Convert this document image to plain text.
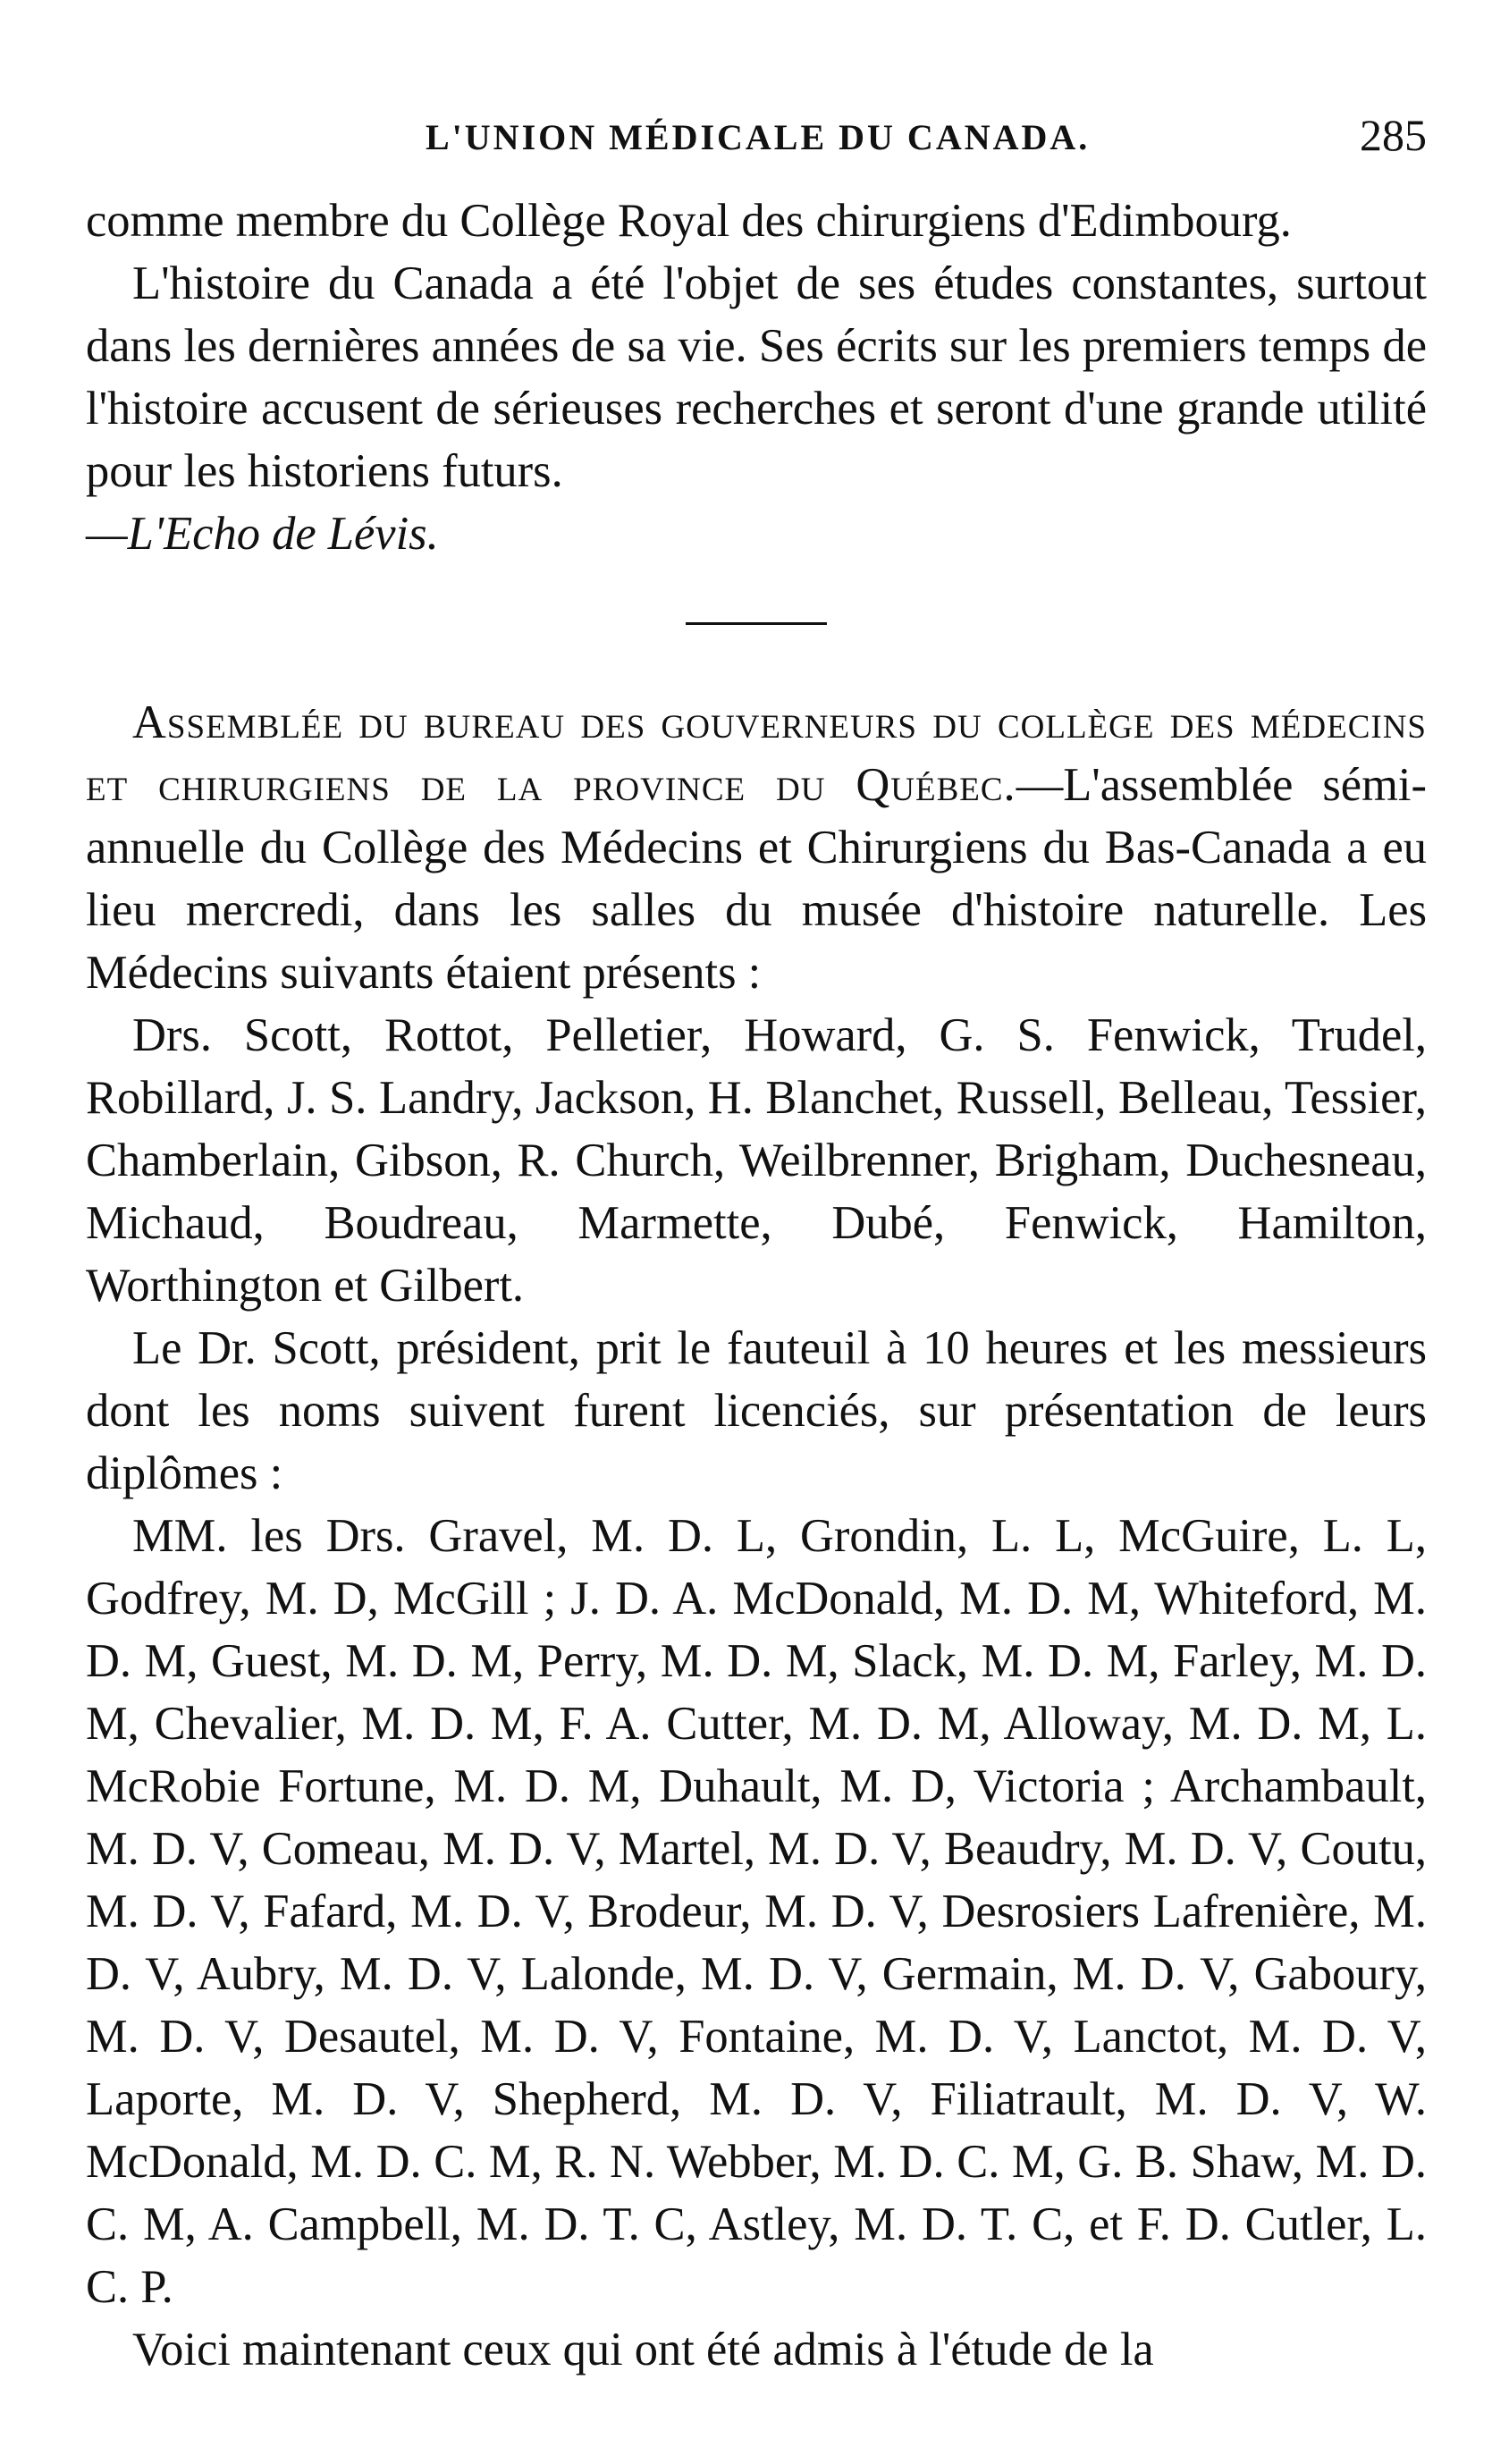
L'UNION MÉDICALE DU CANADA.	285

comme membre du Collège Royal des chirurgiens d'Edimbourg.

L'histoire du Canada a été l'objet de ses études constantes, surtout dans les dernières années de sa vie. Ses écrits sur les premiers temps de l'histoire accusent de sérieuses recherches et seront d'une grande utilité pour les historiens futurs.

—L'Echo de Lévis.

Assemblée du bureau des gouverneurs du collège des médecins et chirurgiens de la province du Québec.—L'assemblée sémi-annuelle du Collège des Médecins et Chirurgiens du Bas-Canada a eu lieu mercredi, dans les salles du musée d'histoire naturelle. Les Médecins suivants étaient présents :

Drs. Scott, Rottot, Pelletier, Howard, G. S. Fenwick, Trudel, Robillard, J. S. Landry, Jackson, H. Blanchet, Russell, Belleau, Tessier, Chamberlain, Gibson, R. Church, Weilbrenner, Brigham, Duchesneau, Michaud, Boudreau, Marmette, Dubé, Fenwick, Hamilton, Worthington et Gilbert.

Le Dr. Scott, président, prit le fauteuil à 10 heures et les messieurs dont les noms suivent furent licenciés, sur présentation de leurs diplômes :

MM. les Drs. Gravel, M. D. L, Grondin, L. L, McGuire, L. L, Godfrey, M. D, McGill ; J. D. A. McDonald, M. D. M, Whiteford, M. D. M, Guest, M. D. M, Perry, M. D. M, Slack, M. D. M, Farley, M. D. M, Chevalier, M. D. M, F. A. Cutter, M. D. M, Alloway, M. D. M, L. McRobie Fortune, M. D. M, Duhault, M. D, Victoria ; Archambault, M. D. V, Comeau, M. D. V, Martel, M. D. V, Beaudry, M. D. V, Coutu, M. D. V, Fafard, M. D. V, Brodeur, M. D. V, Desrosiers Lafrenière, M. D. V, Aubry, M. D. V, Lalonde, M. D. V, Germain, M. D. V, Gaboury, M. D. V, Desautel, M. D. V, Fontaine, M. D. V, Lanctot, M. D. V, Laporte, M. D. V, Shepherd, M. D. V, Filiatrault, M. D. V, W. McDonald, M. D. C. M, R. N. Webber, M. D. C. M, G. B. Shaw, M. D. C. M, A. Campbell, M. D. T. C, Astley, M. D. T. C, et F. D. Cutler, L. C. P.

Voici maintenant ceux qui ont été admis à l'étude de la
